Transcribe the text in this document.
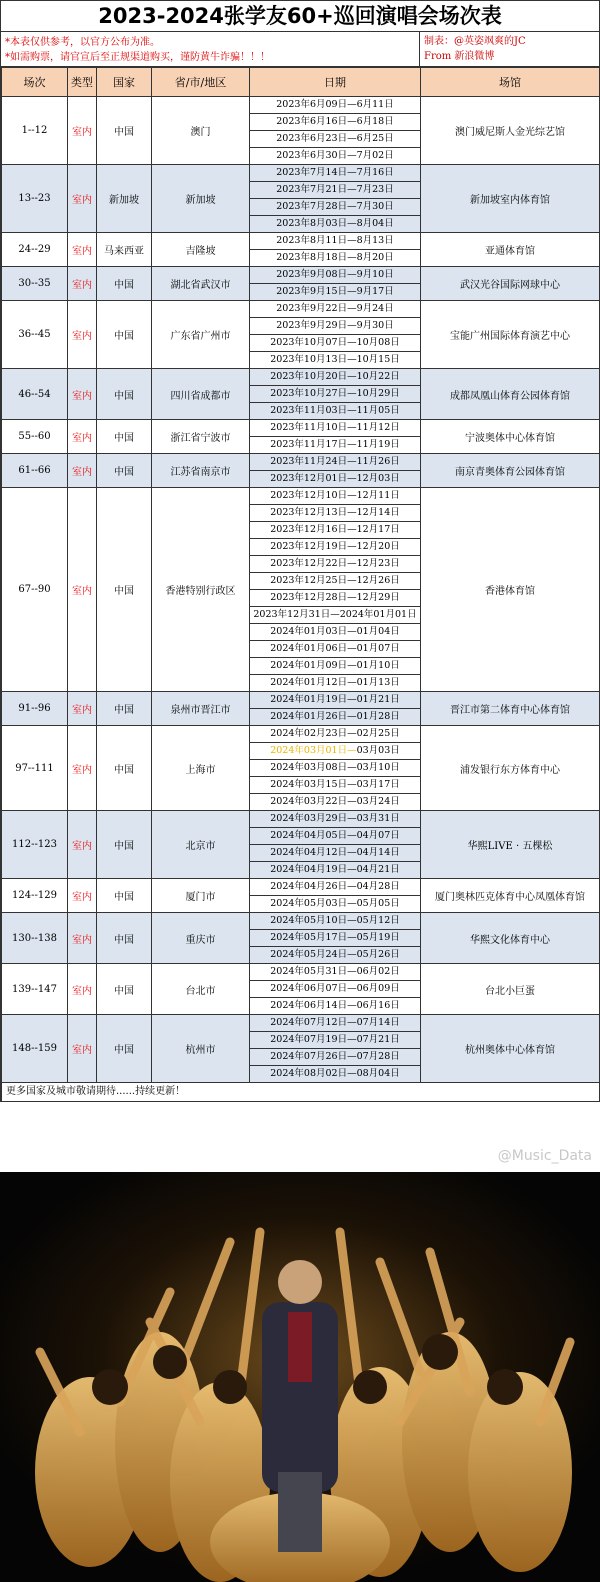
2023-2024张学友60+巡回演唱会场次表
*本表仅供参考，以官方公布为准。
*如需购票，请官宣后至正规渠道购买，谨防黄牛诈骗！！！
制表：@英姿飒爽的JC
From 新浪微博
场次	类型	国家	省/市/地区	日期	场馆
1--12	室内	中国	澳门	2023年6月09日—6月11日	澳门威尼斯人金光综艺馆
				2023年6月16日—6月18日	
				2023年6月23日—6月25日	
				2023年6月30日—7月02日	
13--23	室内	新加坡	新加坡	2023年7月14日—7月16日	新加坡室内体育馆
				2023年7月21日—7月23日	
				2023年7月28日—7月30日	
				2023年8月03日—8月04日	
24--29	室内	马来西亚	吉隆坡	2023年8月11日—8月13日	亚通体育馆
				2023年8月18日—8月20日	
30--35	室内	中国	湖北省武汉市	2023年9月08日—9月10日	武汉光谷国际网球中心
				2023年9月15日—9月17日	
36--45	室内	中国	广东省广州市	2023年9月22日—9月24日	宝能广州国际体育演艺中心
				2023年9月29日—9月30日	
				2023年10月07日—10月08日	
				2023年10月13日—10月15日	
46--54	室内	中国	四川省成都市	2023年10月20日—10月22日	成都凤凰山体育公园体育馆
				2023年10月27日—10月29日	
				2023年11月03日—11月05日	
55--60	室内	中国	浙江省宁波市	2023年11月10日—11月12日	宁波奥体中心体育馆
				2023年11月17日—11月19日	
61--66	室内	中国	江苏省南京市	2023年11月24日—11月26日	南京青奥体育公园体育馆
				2023年12月01日—12月03日	
67--90	室内	中国	香港特别行政区	2023年12月10日—12月11日	香港体育馆
				2023年12月13日—12月14日	
				2023年12月16日—12月17日	
				2023年12月19日—12月20日	
				2023年12月22日—12月23日	
				2023年12月25日—12月26日	
				2023年12月28日—12月29日	
				2023年12月31日—2024年01月01日	
				2024年01月03日—01月04日	
				2024年01月06日—01月07日	
				2024年01月09日—01月10日	
				2024年01月12日—01月13日	
91--96	室内	中国	泉州市晋江市	2024年01月19日—01月21日	晋江市第二体育中心体育馆
				2024年01月26日—01月28日	
97--111	室内	中国	上海市	2024年02月23日—02月25日	浦发银行东方体育中心
				2024年03月01日—03月03日	
				2024年03月08日—03月10日	
				2024年03月15日—03月17日	
				2024年03月22日—03月24日	
112--123	室内	中国	北京市	2024年03月29日—03月31日	华熙LIVE · 五棵松
				2024年04月05日—04月07日	
				2024年04月12日—04月14日	
				2024年04月19日—04月21日	
124--129	室内	中国	厦门市	2024年04月26日—04月28日	厦门奥林匹克体育中心凤凰体育馆
				2024年05月03日—05月05日	
130--138	室内	中国	重庆市	2024年05月10日—05月12日	华熙文化体育中心
				2024年05月17日—05月19日	
				2024年05月24日—05月26日	
139--147	室内	中国	台北市	2024年05月31日—06月02日	台北小巨蛋
				2024年06月07日—06月09日	
				2024年06月14日—06月16日	
148--159	室内	中国	杭州市	2024年07月12日—07月14日	杭州奥体中心体育馆
				2024年07月19日—07月21日	
				2024年07月26日—07月28日	
				2024年08月02日—08月04日	
更多国家及城市敬请期待......持续更新！
@Music_Data
